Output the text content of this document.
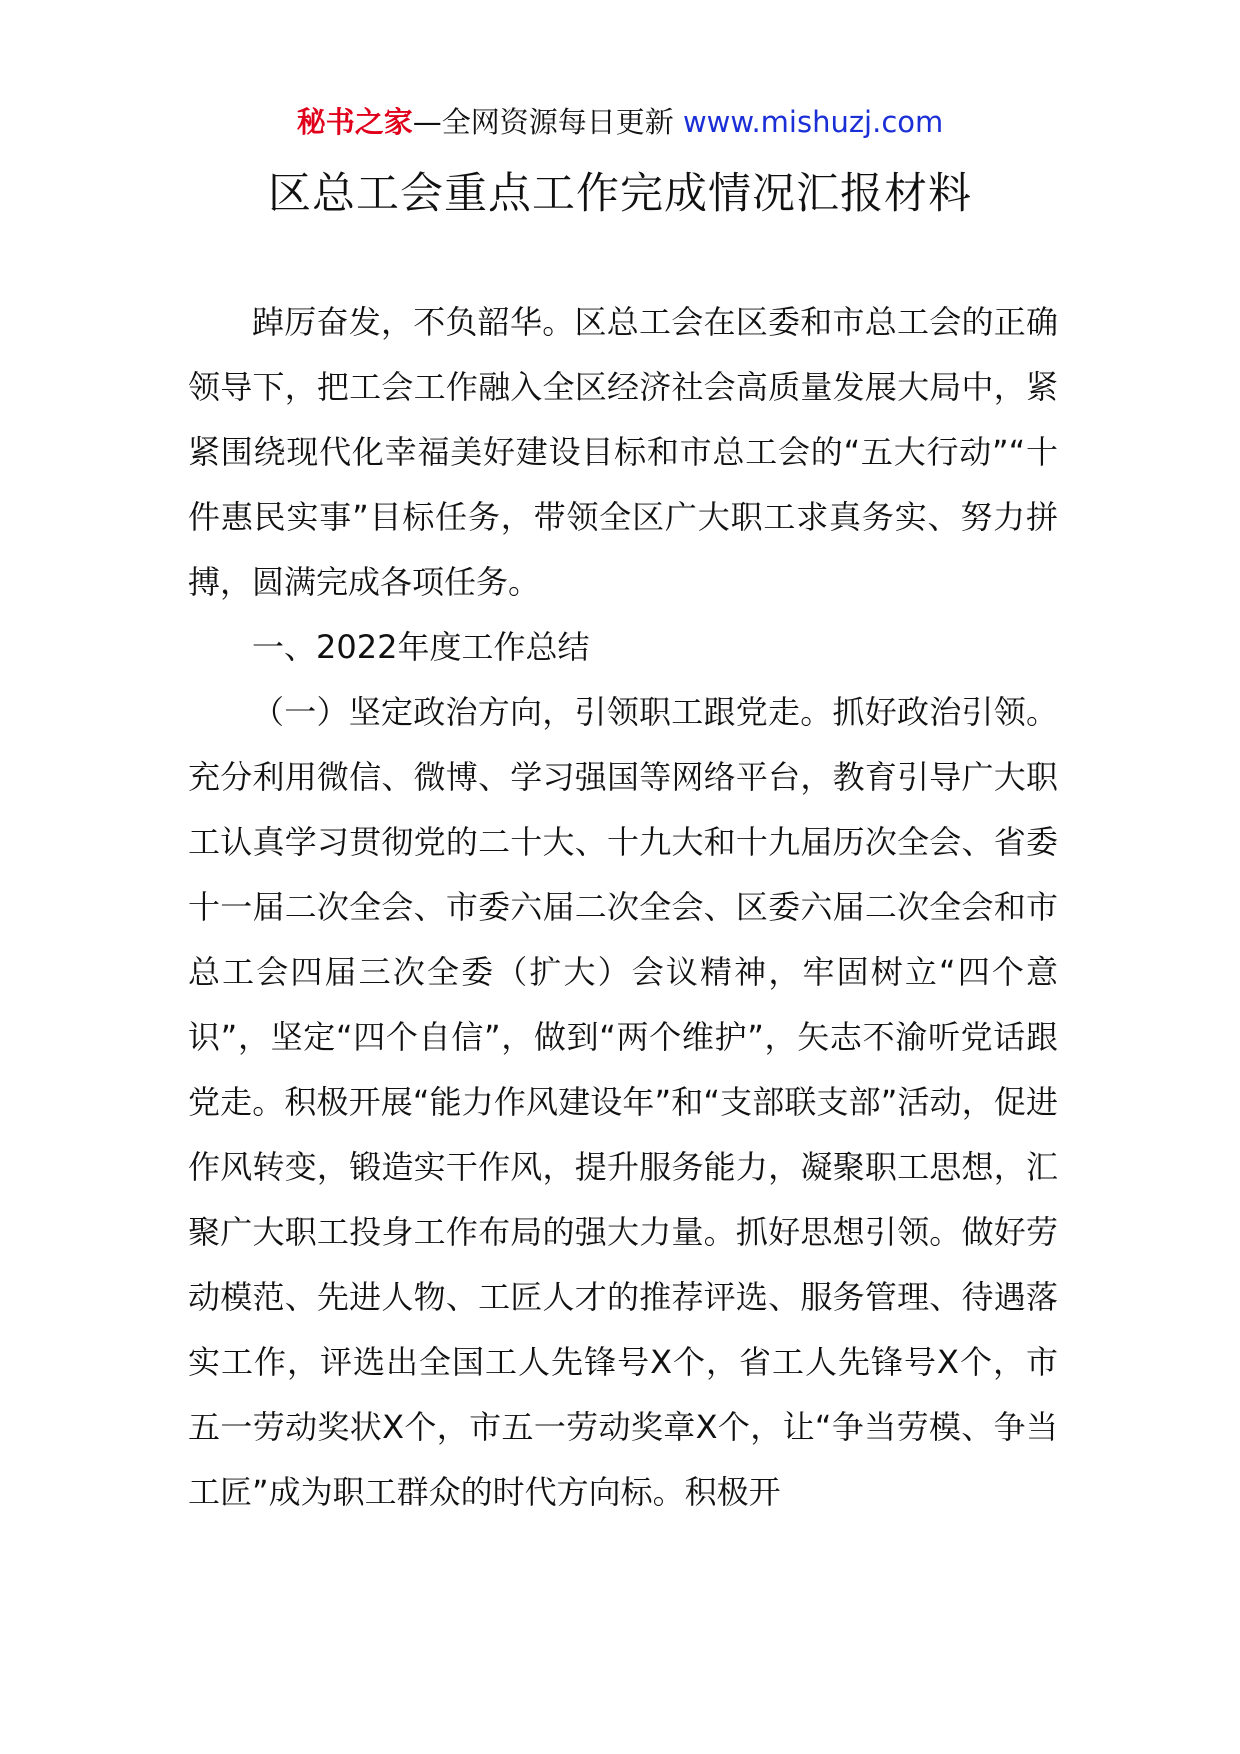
秘书之家—全网资源每日更新 www.mishuzj.com
区总工会重点工作完成情况汇报材料

踔厉奋发，不负韶华。区总工会在区委和市总工会的正确领导下，把工会工作融入全区经济社会高质量发展大局中，紧紧围绕现代化幸福美好建设目标和市总工会的“五大行动”“十件惠民实事”目标任务，带领全区广大职工求真务实、努力拼搏，圆满完成各项任务。

一、2022年度工作总结

（一）坚定政治方向，引领职工跟党走。抓好政治引领。充分利用微信、微博、学习强国等网络平台，教育引导广大职工认真学习贯彻党的二十大、十九大和十九届历次全会、省委十一届二次全会、市委六届二次全会、区委六届二次全会和市总工会四届三次全委（扩大）会议精神，牢固树立“四个意识”，坚定“四个自信”，做到“两个维护”，矢志不渝听党话跟党走。积极开展“能力作风建设年”和“支部联支部”活动，促进作风转变，锻造实干作风，提升服务能力，凝聚职工思想，汇聚广大职工投身工作布局的强大力量。抓好思想引领。做好劳动模范、先进人物、工匠人才的推荐评选、服务管理、待遇落实工作，评选出全国工人先锋号X个，省工人先锋号X个，市五一劳动奖状X个，市五一劳动奖章X个，让“争当劳模、争当工匠”成为职工群众的时代方向标。积极开
